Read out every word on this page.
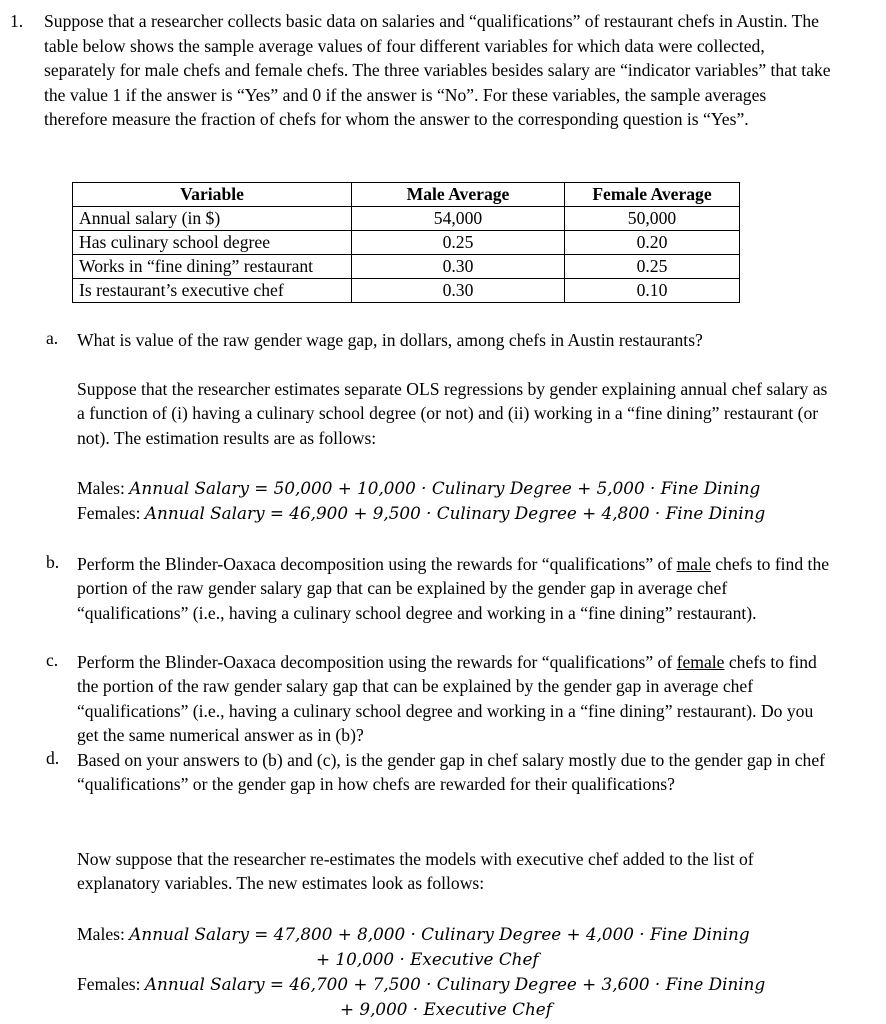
1. Suppose that a researcher collects basic data on salaries and “qualifications” of restaurant chefs in Austin. The table below shows the sample average values of four different variables for which data were collected, separately for male chefs and female chefs. The three variables besides salary are “indicator variables” that take the value 1 if the answer is “Yes” and 0 if the answer is “No”. For these variables, the sample averages therefore measure the fraction of chefs for whom the answer to the corresponding question is “Yes”.
Variable	Male Average	Female Average
Annual salary (in $)	54,000	50,000
Has culinary school degree	0.25	0.20
Works in “fine dining” restaurant	0.30	0.25
Is restaurant’s executive chef	0.30	0.10
a. What is value of the raw gender wage gap, in dollars, among chefs in Austin restaurants?
Suppose that the researcher estimates separate OLS regressions by gender explaining annual chef salary as a function of (i) having a culinary school degree (or not) and (ii) working in a “fine dining” restaurant (or not). The estimation results are as follows:
Males: Annual Salary = 50,000 + 10,000 · Culinary Degree + 5,000 · Fine Dining
Females: Annual Salary = 46,900 + 9,500 · Culinary Degree + 4,800 · Fine Dining
b. Perform the Blinder-Oaxaca decomposition using the rewards for “qualifications” of male chefs to find the portion of the raw gender salary gap that can be explained by the gender gap in average chef “qualifications” (i.e., having a culinary school degree and working in a “fine dining” restaurant).
c. Perform the Blinder-Oaxaca decomposition using the rewards for “qualifications” of female chefs to find the portion of the raw gender salary gap that can be explained by the gender gap in average chef “qualifications” (i.e., having a culinary school degree and working in a “fine dining” restaurant). Do you get the same numerical answer as in (b)?
d. Based on your answers to (b) and (c), is the gender gap in chef salary mostly due to the gender gap in chef “qualifications” or the gender gap in how chefs are rewarded for their qualifications?
Now suppose that the researcher re-estimates the models with executive chef added to the list of explanatory variables. The new estimates look as follows:
Males: Annual Salary = 47,800 + 8,000 · Culinary Degree + 4,000 · Fine Dining
+ 10,000 · Executive Chef
Females: Annual Salary = 46,700 + 7,500 · Culinary Degree + 3,600 · Fine Dining
+ 9,000 · Executive Chef
